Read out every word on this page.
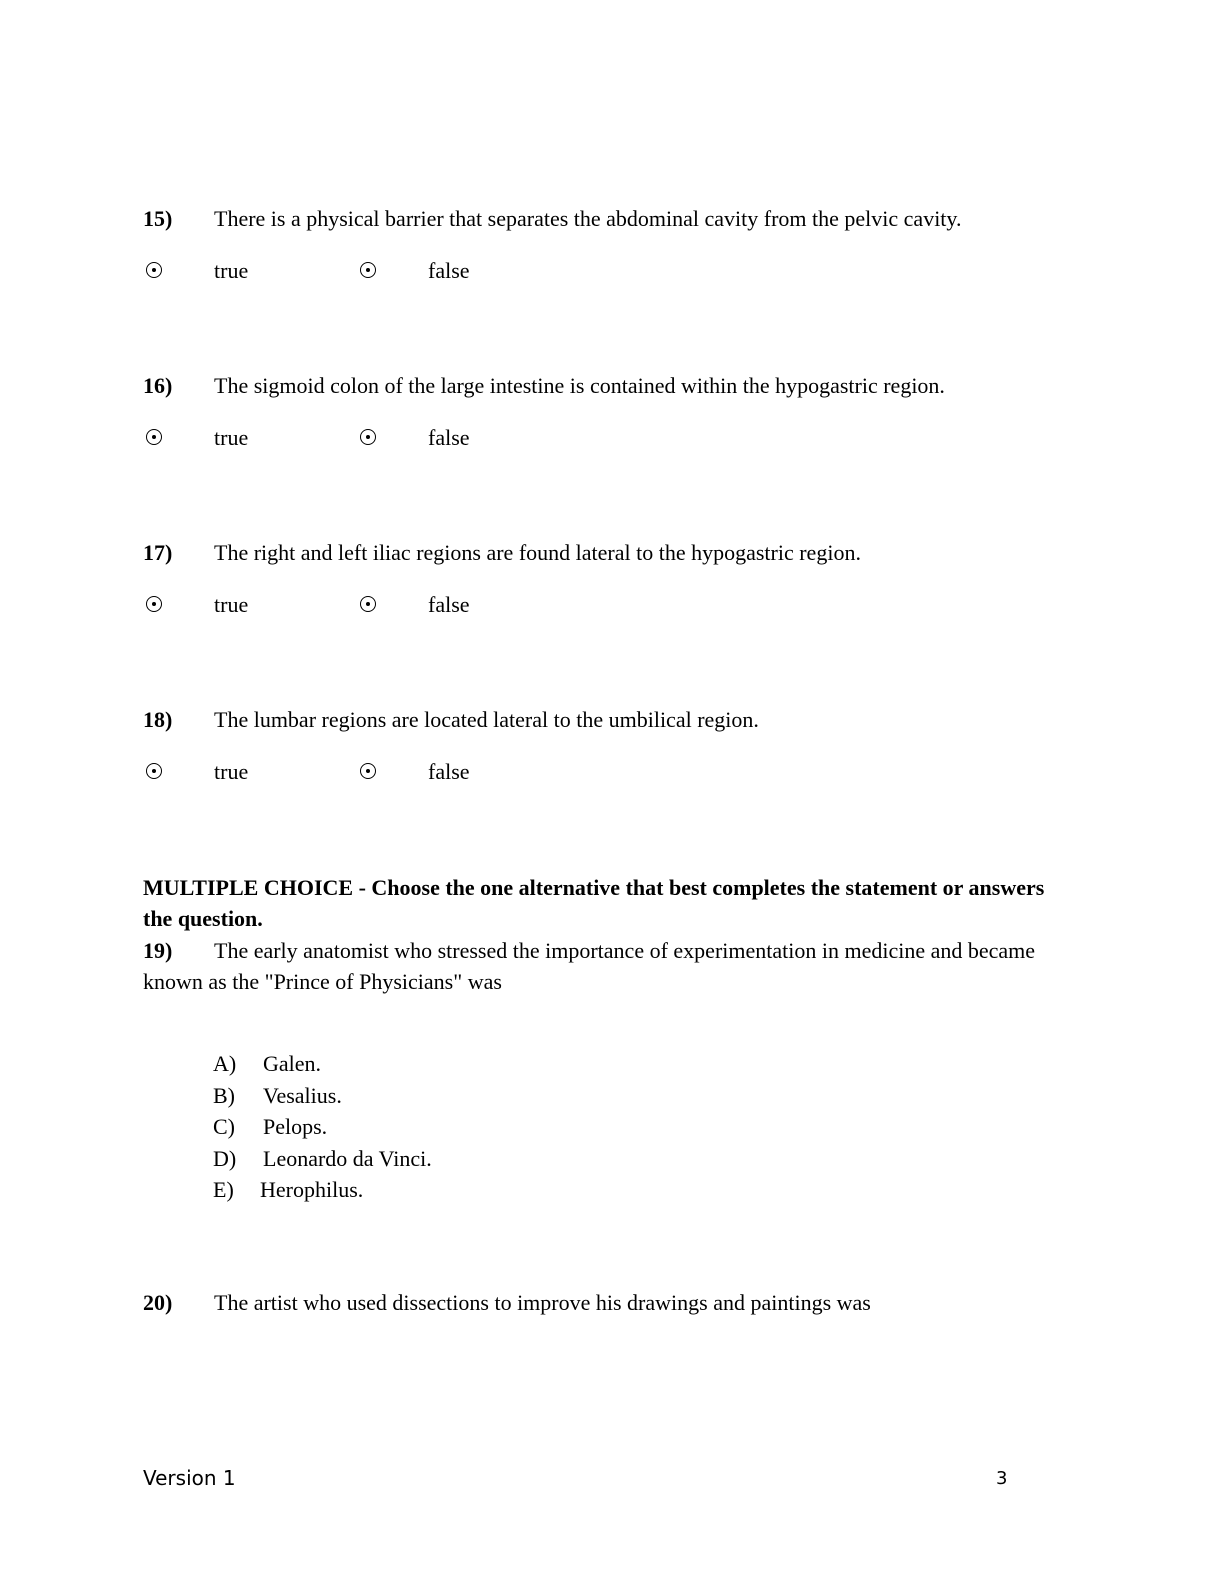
15) There is a physical barrier that separates the abdominal cavity from the pelvic cavity.
true	false
16) The sigmoid colon of the large intestine is contained within the hypogastric region.
true	false
17) The right and left iliac regions are found lateral to the hypogastric region.
true	false
18) The lumbar regions are located lateral to the umbilical region.
true	false
MULTIPLE CHOICE - Choose the one alternative that best completes the statement or answers the question.
19) The early anatomist who stressed the importance of experimentation in medicine and became known as the "Prince of Physicians" was
A) Galen.
B) Vesalius.
C) Pelops.
D) Leonardo da Vinci.
E) Herophilus.
20) The artist who used dissections to improve his drawings and paintings was
Version 1	3
